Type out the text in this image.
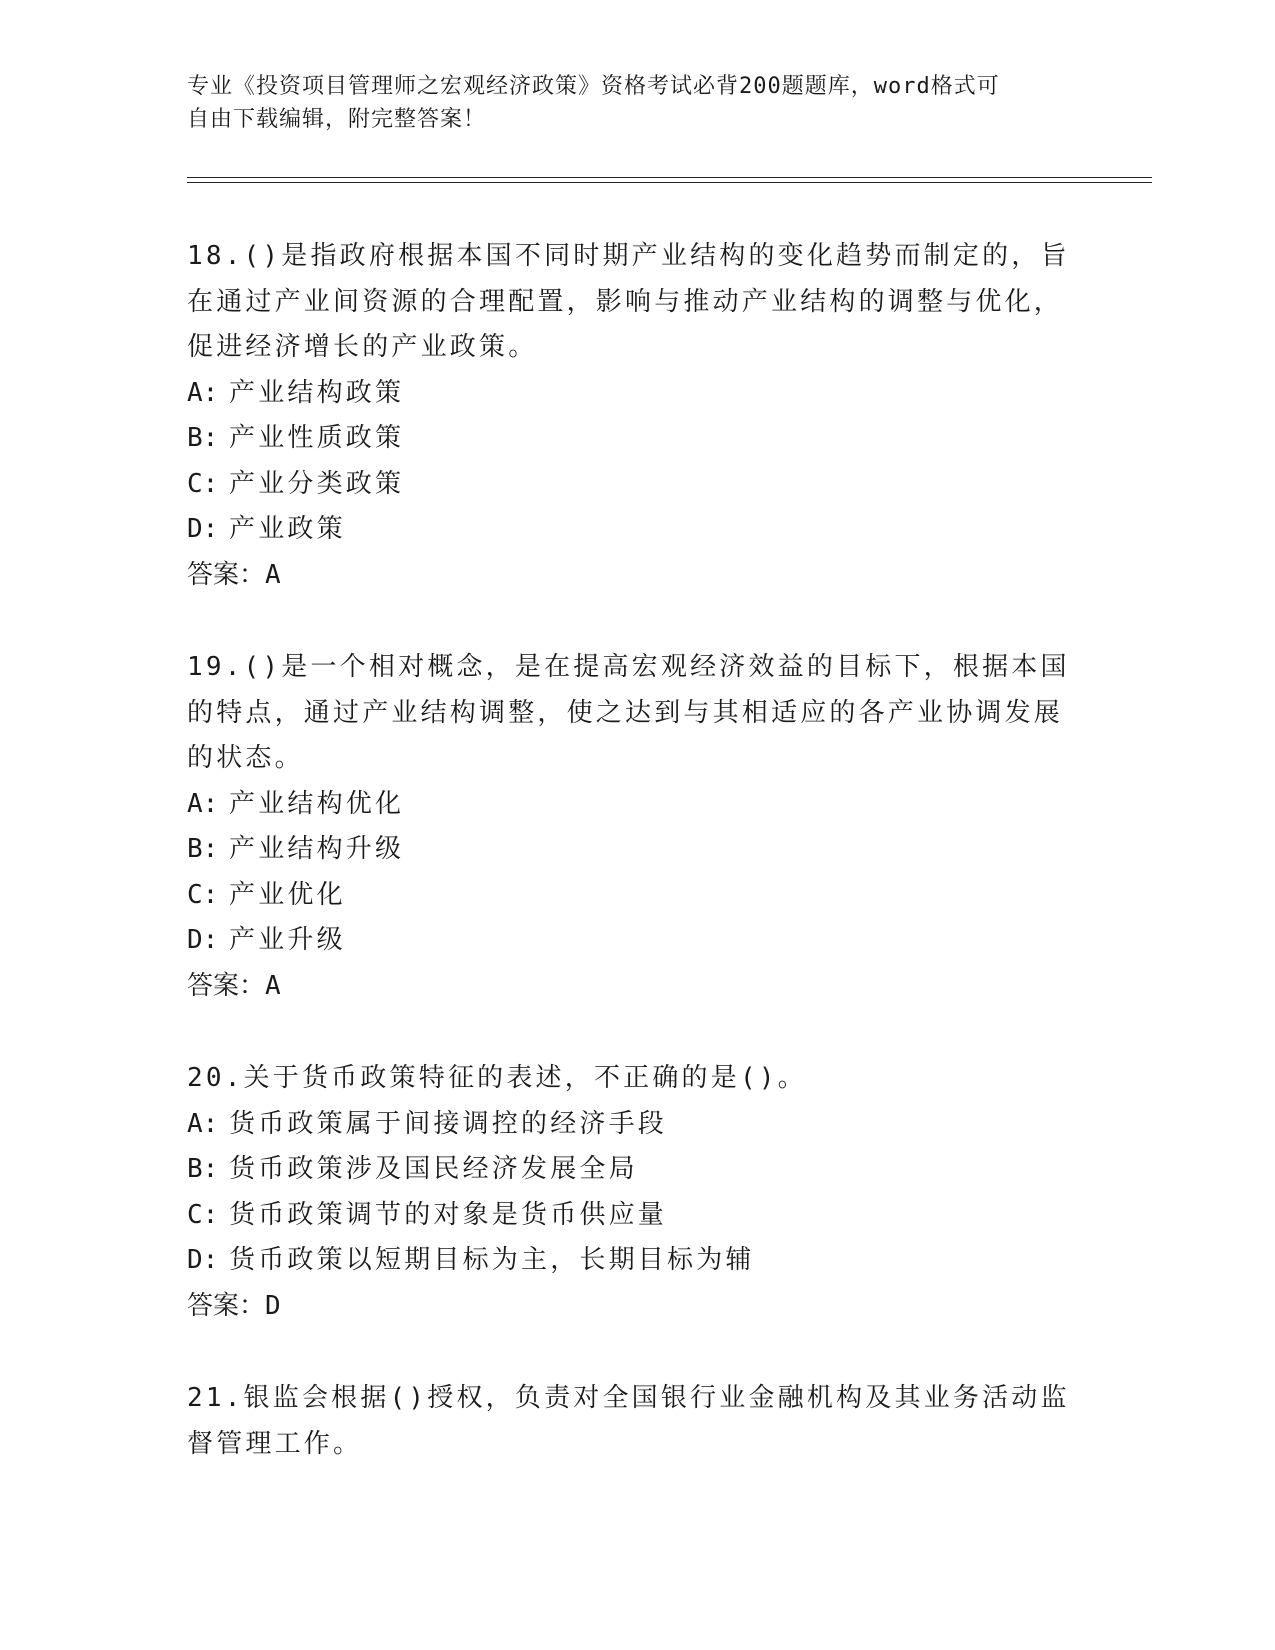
专业《投资项目管理师之宏观经济政策》资格考试必背200题题库，word格式可
自由下载编辑，附完整答案！

18.()是指政府根据本国不同时期产业结构的变化趋势而制定的，旨在通过产业间资源的合理配置，影响与推动产业结构的调整与优化，促进经济增长的产业政策。

A: 产业结构政策

B: 产业性质政策

C: 产业分类政策

D: 产业政策

答案：A

19.()是一个相对概念，是在提高宏观经济效益的目标下，根据本国的特点，通过产业结构调整，使之达到与其相适应的各产业协调发展的状态。

A: 产业结构优化

B: 产业结构升级

C: 产业优化

D: 产业升级

答案：A

20.关于货币政策特征的表述，不正确的是()。

A: 货币政策属于间接调控的经济手段

B: 货币政策涉及国民经济发展全局

C: 货币政策调节的对象是货币供应量

D: 货币政策以短期目标为主，长期目标为辅

答案：D

21.银监会根据()授权，负责对全国银行业金融机构及其业务活动监督管理工作。
